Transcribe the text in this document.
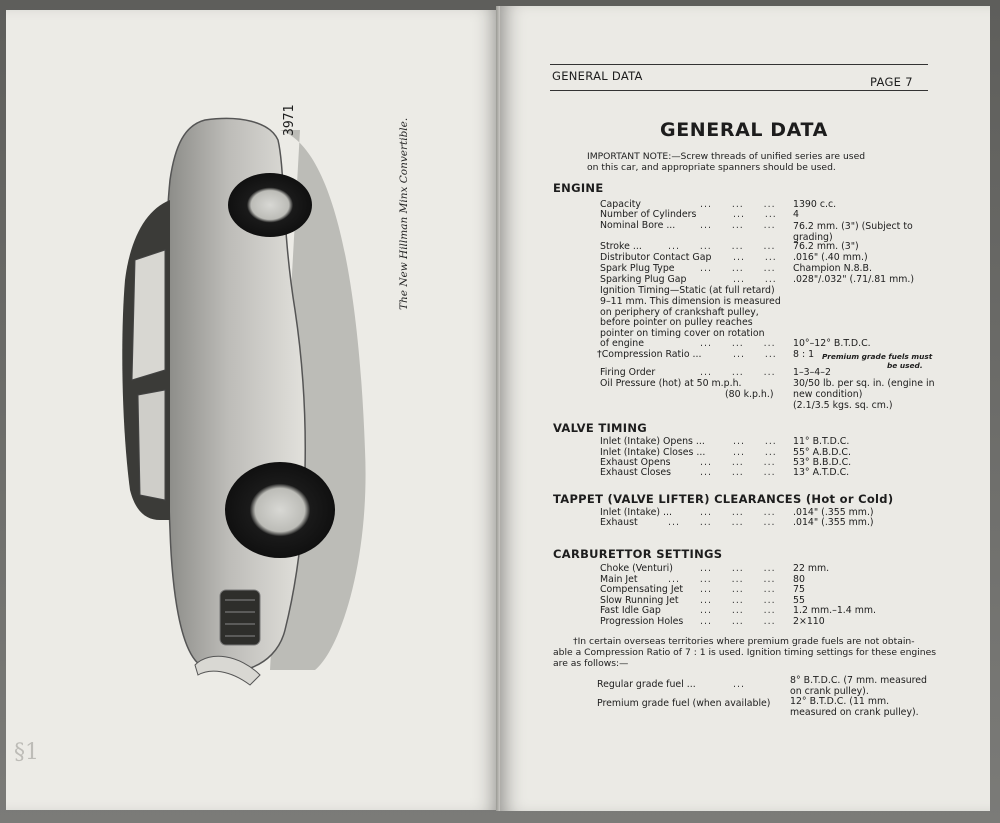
The New Hillman Minx Convertible.
3971
§1
GENERAL DATA	PAGE 7
GENERAL DATA
IMPORTANT NOTE:—Screw threads of unified series are used
on this car, and appropriate spanners should be used.
ENGINE
Capacity	...     ...     ... 1390 c.c.
Number of Cylinders	...     ... 4
Nominal Bore ...	...     ...     ... 76.2 mm. (3") (Subject to
grading)
Stroke ...	...     ...     ...     ... 76.2 mm. (3")
Distributor Contact Gap ...     ... .016" (.40 mm.)
Spark Plug Type	...     ...     ... Champion N.8.B.
Sparking Plug Gap	...     ... .028"/.032" (.71/.81 mm.)
Ignition Timing—Static (at full retard)
9–11 mm. This dimension is measured
on periphery of crankshaft pulley,
before pointer on pulley reaches
pointer on timing cover on rotation
of engine	...     ...     ... 10°–12° B.T.D.C.
†Compression Ratio ...	...     ... 8 : 1 Premium grade fuels must
be used.
Firing Order	...     ...     ... 1–3–4–2
Oil Pressure (hot) at 50 m.p.h.
(80 k.p.h.)
30/50 lb. per sq. in. (engine in
new condition)
(2.1/3.5 kgs. sq. cm.)
VALVE TIMING
Inlet (Intake) Opens ...	...     ... 11° B.T.D.C.
Inlet (Intake) Closes ...	...     ... 55° A.B.D.C.
Exhaust Opens	...     ...     ... 53° B.B.D.C.
Exhaust Closes	...     ...     ... 13° A.T.D.C.
TAPPET (VALVE LIFTER) CLEARANCES (Hot or Cold)
Inlet (Intake) ...	...     ...     ... .014" (.355 mm.)
Exhaust	...     ...     ...     ... .014" (.355 mm.)
CARBURETTOR SETTINGS
Choke (Venturi)	...     ...     ... 22 mm.
Main Jet	...     ...     ...     ... 80
Compensating Jet ...     ...     ... 75
Slow Running Jet ...     ...     ... 55
Fast Idle Gap	...     ...     ... 1.2 mm.–1.4 mm.
Progression Holes ...     ...     ... 2×110
†In certain overseas territories where premium grade fuels are not obtain-
able a Compression Ratio of 7 : 1 is used. Ignition timing settings for these engines
are as follows:—
Regular grade fuel ...	...	8° B.T.D.C. (7 mm. measured
on crank pulley).
Premium grade fuel (when available) 12° B.T.D.C. (11 mm.
measured on crank pulley).
